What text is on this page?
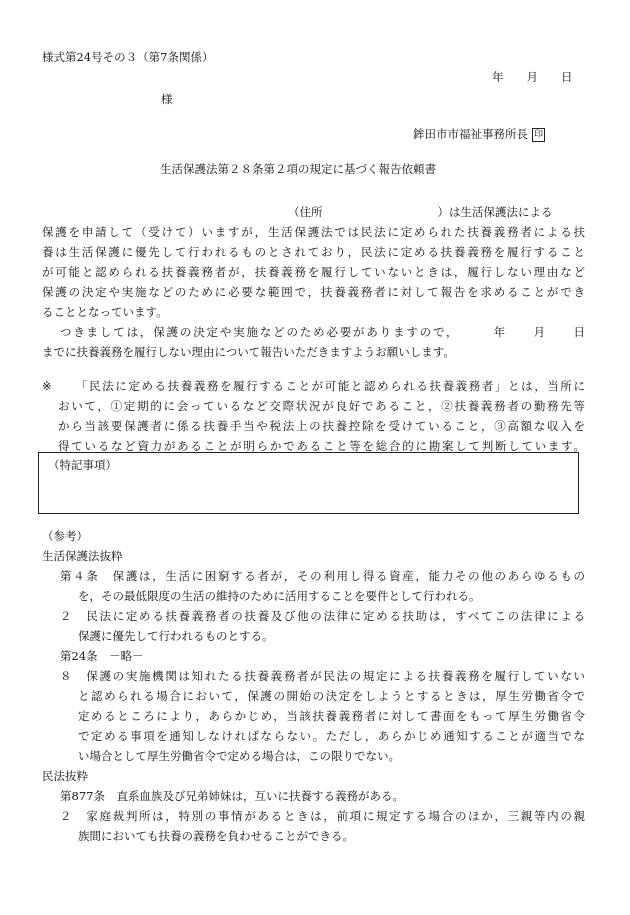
様式第24号その３（第7条関係）
年　　月　　日
様
鉾田市市福祉事務所長 印
生活保護法第２８条第２項の規定に基づく報告依頼書
（住所　　　　　　　　　　）は生活保護法による
保護を申請して（受けて）いますが，生活保護法では民法に定められた扶養義務者による扶
養は生活保護に優先して行われるものとされており，民法に定める扶養義務を履行すること
が可能と認められる扶養義務者が，扶養義務を履行していないときは，履行しない理由など
保護の決定や実施などのために必要な範囲で，扶養義務者に対して報告を求めることができ
ることとなっています。
つきましては，保護の決定や実施などのため必要がありますので，　　　年　　月　　日
までに扶養義務を履行しない理由について報告いただきますようお願いします。
※ 「民法に定める扶養義務を履行することが可能と認められる扶養義務者」とは，当所に
おいて，①定期的に会っているなど交際状況が良好であること，②扶養義務者の勤務先等
から当該要保護者に係る扶養手当や税法上の扶養控除を受けていること，③高額な収入を
得ているなど資力があることが明らかであること等を総合的に勘案して判断しています。
（特記事項）
（参考）
生活保護法抜粋
第４条　保護は，生活に困窮する者が，その利用し得る資産，能力その他のあらゆるもの
を，その最低限度の生活の維持のために活用することを要件として行われる。
２　民法に定める扶養義務者の扶養及び他の法律に定める扶助は，すべてこの法律による
保護に優先して行われるものとする。
第24条　－略－
８　保護の実施機関は知れたる扶養義務者が民法の規定による扶養義務を履行していない
と認められる場合において，保護の開始の決定をしようとするときは，厚生労働省令で
定めるところにより，あらかじめ，当該扶養義務者に対して書面をもって厚生労働省令
で定める事項を通知しなければならない。ただし，あらかじめ通知することが適当でな
い場合として厚生労働省令で定める場合は，この限りでない。
民法抜粋
第877条　直系血族及び兄弟姉妹は，互いに扶養する義務がある。
２　家庭裁判所は，特別の事情があるときは，前項に規定する場合のほか，三親等内の親
族間においても扶養の義務を負わせることができる。
